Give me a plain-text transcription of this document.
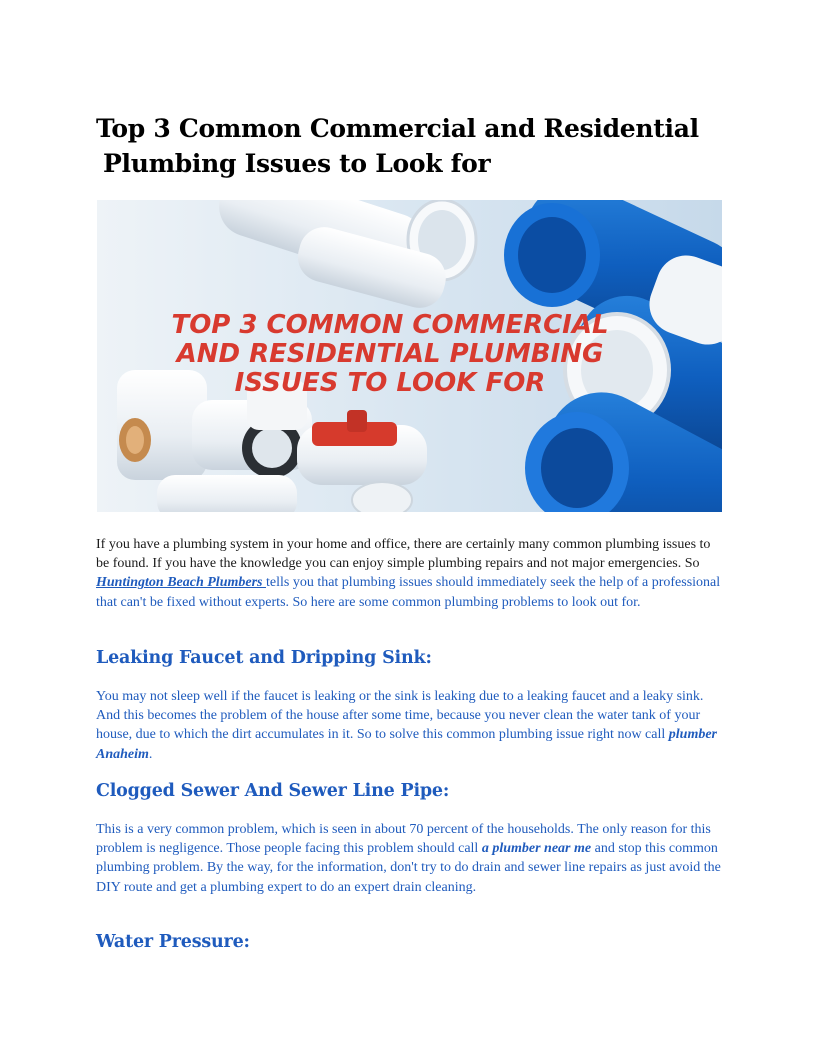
Top 3 Common Commercial and Residential
Plumbing Issues to Look for
TOP 3 COMMON COMMERCIAL
AND RESIDENTIAL PLUMBING
ISSUES TO LOOK FOR

If you have a plumbing system in your home and office, there are certainly many common plumbing issues to be found. If you have the knowledge you can enjoy simple plumbing repairs and not major emergencies. So Huntington Beach Plumbers tells you that plumbing issues should immediately seek the help of a professional that can't be fixed without experts. So here are some common plumbing problems to look out for.

Leaking Faucet and Dripping Sink:

You may not sleep well if the faucet is leaking or the sink is leaking due to a leaking faucet and a leaky sink. And this becomes the problem of the house after some time, because you never clean the water tank of your house, due to which the dirt accumulates in it. So to solve this common plumbing issue right now call plumber Anaheim.

Clogged Sewer And Sewer Line Pipe:

This is a very common problem, which is seen in about 70 percent of the households. The only reason for this problem is negligence. Those people facing this problem should call a plumber near me and stop this common plumbing problem. By the way, for the information, don't try to do drain and sewer line repairs as just avoid the DIY route and get a plumbing expert to do an expert drain cleaning.

Water Pressure:
